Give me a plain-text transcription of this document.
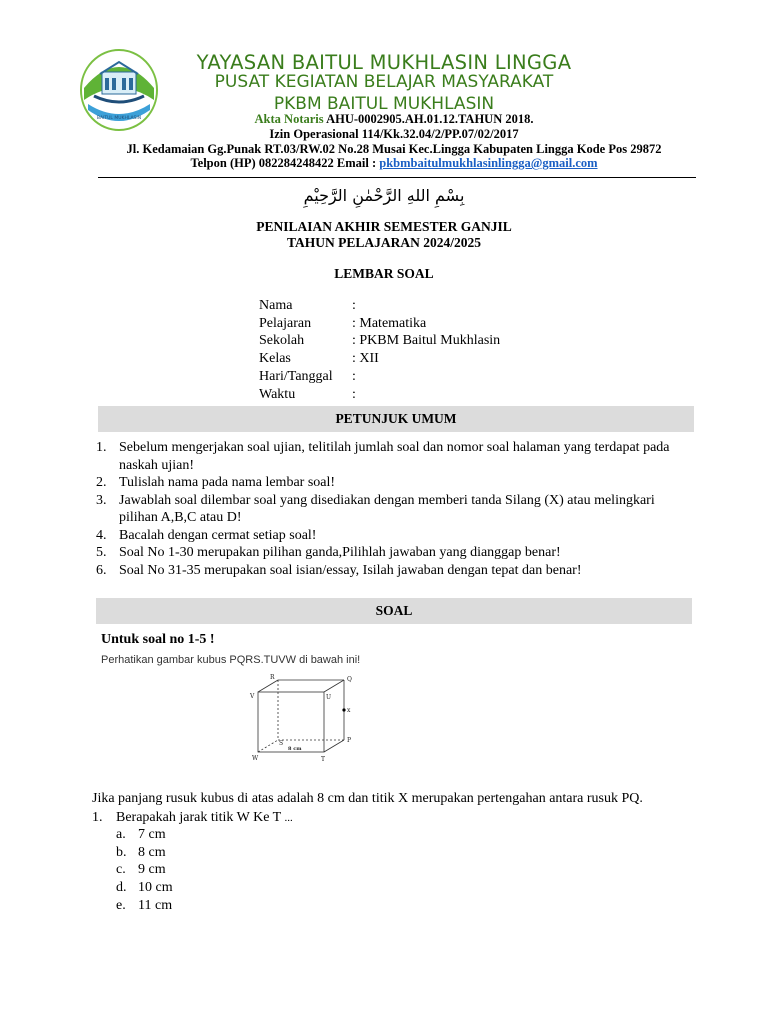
BAITUL MUKHLASIN
YAYASAN BAITUL MUKHLASIN LINGGA
PUSAT KEGIATAN BELAJAR MASYARAKAT
PKBM BAITUL MUKHLASIN
Akta Notaris AHU-0002905.AH.01.12.TAHUN 2018.
Izin Operasional 114/Kk.32.04/2/PP.07/02/2017
Jl. Kedamaian Gg.Punak RT.03/RW.02 No.28 Musai Kec.Lingga Kabupaten Lingga Kode Pos 29872
Telpon (HP) 082284248422 Email : pkbmbaitulmukhlasinlingga@gmail.com
بِسْمِ اللهِ الرَّحْمٰنِ الرَّحِيْمِ
PENILAIAN AKHIR SEMESTER GANJIL
TAHUN PELAJARAN 2024/2025
LEMBAR SOAL
Nama	:
Pelajaran	: Matematika
Sekolah	: PKBM Baitul Mukhlasin
Kelas	: XII
Hari/Tanggal :
Waktu	:
PETUNJUK UMUM
1. Sebelum mengerjakan soal ujian, telitilah jumlah soal dan nomor soal halaman yang terdapat pada naskah ujian!
2. Tulislah nama pada nama lembar soal!
3. Jawablah soal dilembar soal yang disediakan dengan memberi tanda Silang (X) atau melingkari pilihan A,B,C atau D!
4. Bacalah dengan cermat setiap soal!
5. Soal No 1-30 merupakan pilihan ganda,Pilihlah jawaban yang dianggap benar!
6. Soal No 31-35 merupakan soal isian/essay, Isilah jawaban dengan tepat dan benar!
SOAL
Untuk soal no 1-5 !
Perhatikan gambar kubus PQRS.TUVW di bawah ini!
R	Q
V	U
x
S	P
W	T
8 cm
Jika panjang rusuk kubus di atas adalah 8 cm dan titik X merupakan pertengahan antara rusuk PQ.
1. Berapakah jarak titik W Ke T ...
a. 7 cm
b. 8 cm
c. 9 cm
d. 10 cm
e. 11 cm
